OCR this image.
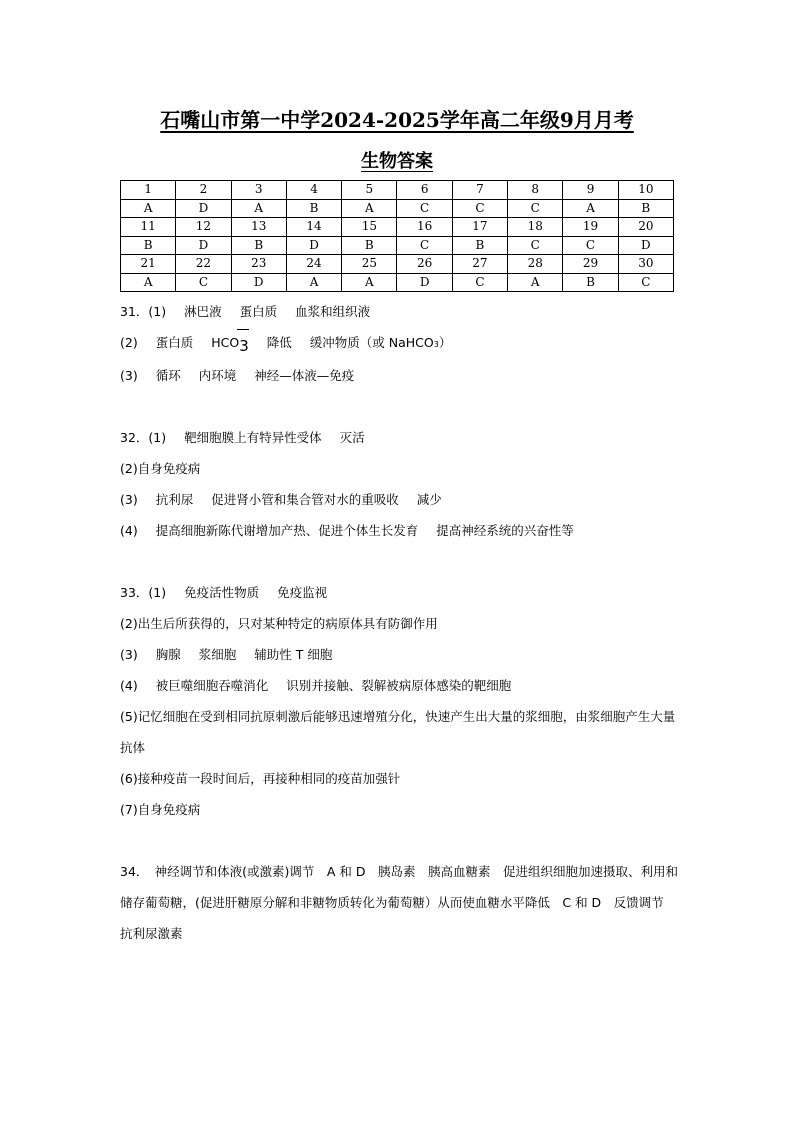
石嘴山市第一中学2024-2025学年高二年级9月月考
生物答案
1	2	3	4	5	6	7	8	9	10
A	D	A	B	A	C	C	C	A	B
11	12	13	14	15	16	17	18	19	20
B	D	B	D	B	C	B	C	C	D
21	22	23	24	25	26	27	28	29	30
A	C	D	A	A	D	C	A	B	C
31．(1) 淋巴液 蛋白质 血浆和组织液
(2) 蛋白质 HCO3 降低 缓冲物质（或 NaHCO3）
(3) 循环 内环境 神经—体液—免疫
32．(1) 靶细胞膜上有特异性受体 灭活
(2)自身免疫病
(3) 抗利尿 促进肾小管和集合管对水的重吸收 减少
(4) 提高细胞新陈代谢增加产热、促进个体生长发育 提高神经系统的兴奋性等
33．(1) 免疫活性物质 免疫监视
(2)出生后所获得的，只对某种特定的病原体具有防御作用
(3) 胸腺 浆细胞 辅助性 T 细胞
(4) 被巨噬细胞吞噬消化 识别并接触、裂解被病原体感染的靶细胞
(5)记忆细胞在受到相同抗原刺激后能够迅速增殖分化，快速产生出大量的浆细胞，由浆细胞产生大量抗体
(6)接种疫苗一段时间后，再接种相同的疫苗加强针
(7)自身免疫病
34．　神经调节和体液(或激素)调节　A 和 D　胰岛素　胰高血糖素　促进组织细胞加速摄取、利用和储存葡萄糖，(促进肝糖原分解和非糖物质转化为葡萄糖）从而使血糖水平降低　C 和 D　反馈调节　抗利尿激素
